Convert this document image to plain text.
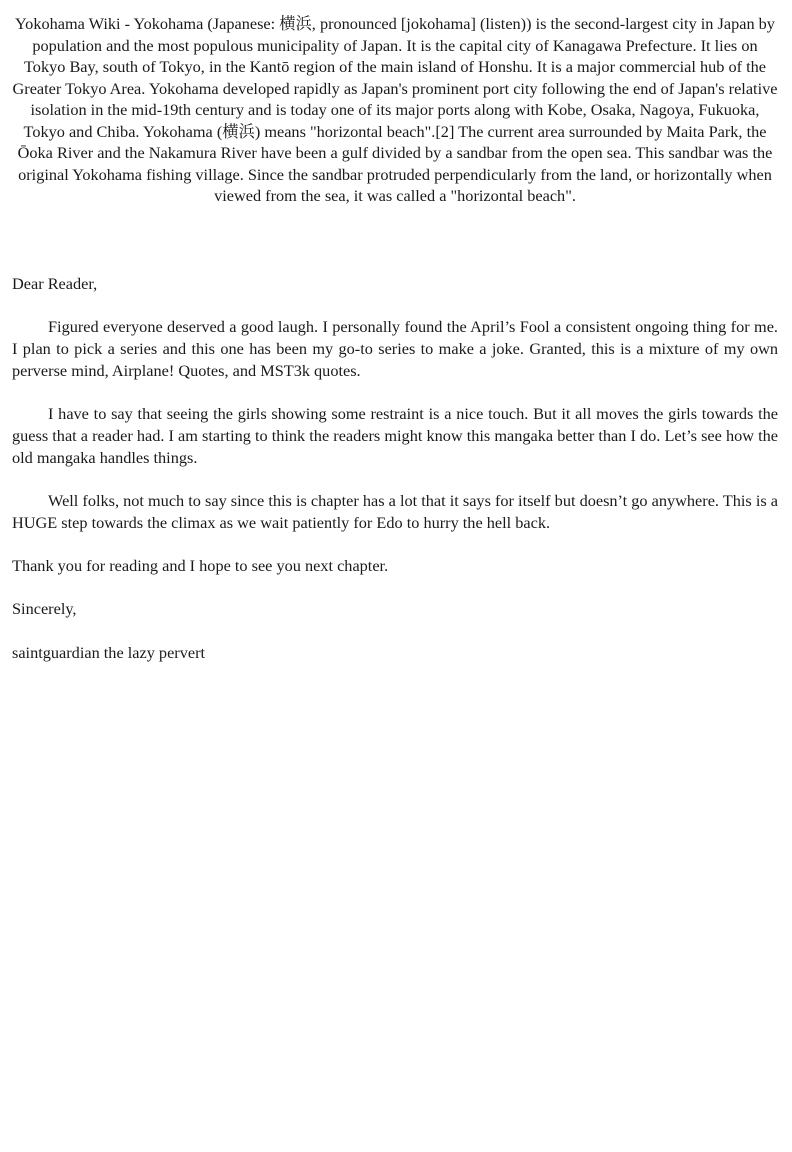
Yokohama Wiki - Yokohama (Japanese: 横浜, pronounced [jokohama] (listen)) is the second-largest city in Japan by population and the most populous municipality of Japan. It is the capital city of Kanagawa Prefecture. It lies on Tokyo Bay, south of Tokyo, in the Kantō region of the main island of Honshu. It is a major commercial hub of the Greater Tokyo Area. Yokohama developed rapidly as Japan's prominent port city following the end of Japan's relative isolation in the mid-19th century and is today one of its major ports along with Kobe, Osaka, Nagoya, Fukuoka, Tokyo and Chiba. Yokohama (横浜) means "horizontal beach".[2] The current area surrounded by Maita Park, the Ōoka River and the Nakamura River have been a gulf divided by a sandbar from the open sea. This sandbar was the original Yokohama fishing village. Since the sandbar protruded perpendicularly from the land, or horizontally when viewed from the sea, it was called a "horizontal beach".

Dear Reader,

Figured everyone deserved a good laugh. I personally found the April’s Fool a consistent ongoing thing for me. I plan to pick a series and this one has been my go-to series to make a joke. Granted, this is a mixture of my own perverse mind, Airplane! Quotes, and MST3k quotes.

I have to say that seeing the girls showing some restraint is a nice touch. But it all moves the girls towards the guess that a reader had. I am starting to think the readers might know this mangaka better than I do. Let’s see how the old mangaka handles things.

Well folks, not much to say since this is chapter has a lot that it says for itself but doesn’t go anywhere. This is a HUGE step towards the climax as we wait patiently for Edo to hurry the hell back.

Thank you for reading and I hope to see you next chapter.

Sincerely,

saintguardian the lazy pervert
